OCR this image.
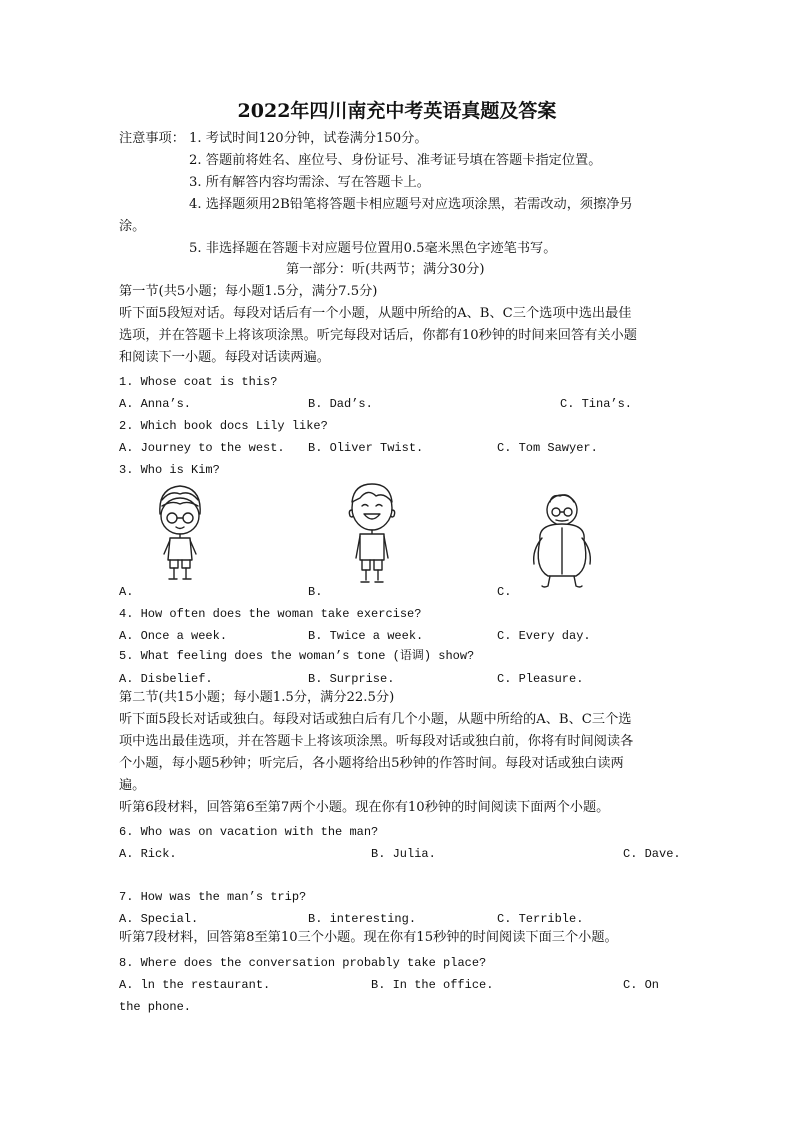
2022年四川南充中考英语真题及答案
注意事项： 1. 考试时间120分钟，试卷满分150分。
2. 答题前将姓名、座位号、身份证号、准考证号填在答题卡指定位置。
3. 所有解答内容均需涂、写在答题卡上。
4. 选择题须用2B铅笔将答题卡相应题号对应选项涂黑，若需改动，须擦净另
涂。
5. 非选择题在答题卡对应题号位置用0.5毫米黑色字迹笔书写。
第一部分：听(共两节；满分30分)
第一节(共5小题；每小题1.5分，满分7.5分)
听下面5段短对话。每段对话后有一个小题，从题中所给的A、B、C三个选项中选出最佳
选项，并在答题卡上将该项涂黑。听完每段对话后，你都有10秒钟的时间来回答有关小题
和阅读下一小题。每段对话读两遍。
1. Whose coat is this?
A. Anna’s.	B. Dad’s.	C. Tina’s.
2. Which book docs Lily like?
A. Journey to the west. B. Oliver Twist.	C. Tom Sawyer.
3. Who is Kim?
A.	B.	C.
4. How often does the woman take exercise?
A. Once a week.	B. Twice a week.	C. Every day.
5. What feeling does the woman’s tone (语调) show?
A. Disbelief.	B. Surprise.	C. Pleasure.
第二节(共15小题；每小题1.5分，满分22.5分)
听下面5段长对话或独白。每段对话或独白后有几个小题，从题中所给的A、B、C三个选
项中选出最佳选项，并在答题卡上将该项涂黑。听每段对话或独白前，你将有时间阅读各
个小题，每小题5秒钟；听完后，各小题将给出5秒钟的作答时间。每段对话或独白读两
遍。
听第6段材料，回答第6至第7两个小题。现在你有10秒钟的时间阅读下面两个小题。
6. Who was on vacation with the man?
A. Rick.	B. Julia.	C. Dave.
7. How was the man’s trip?
A. Special.	B. interesting.	C. Terrible.
听第7段材料，回答第8至第10三个小题。现在你有15秒钟的时间阅读下面三个小题。
8. Where does the conversation probably take place?
A. ln the restaurant.	B. In the office.	C. On
the phone.
